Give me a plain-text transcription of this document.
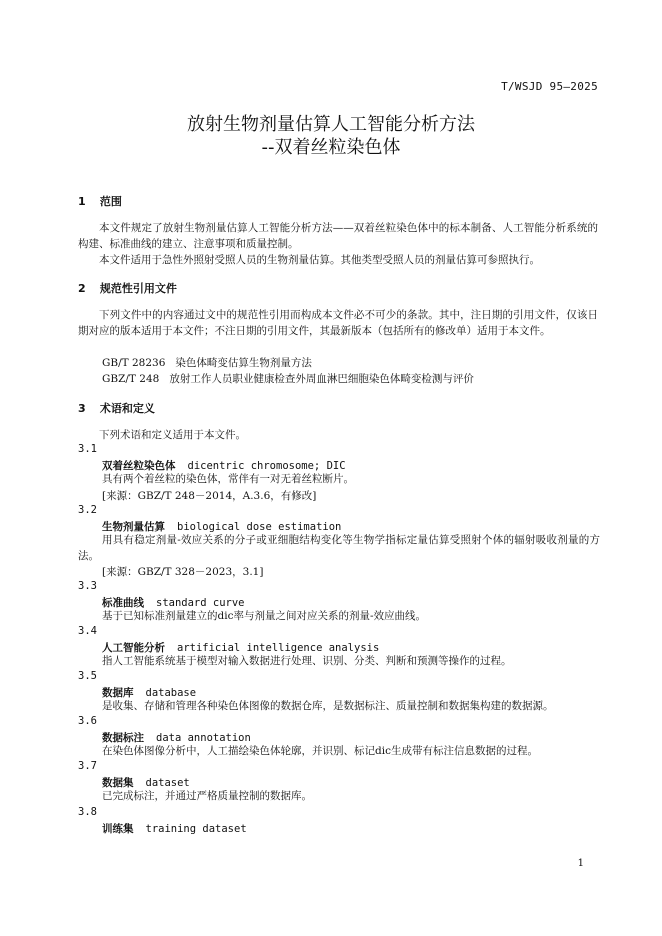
T/WSJD 95—2025
放射生物剂量估算人工智能分析方法
--双着丝粒染色体
1 范围
本文件规定了放射生物剂量估算人工智能分析方法——双着丝粒染色体中的标本制备、人工智能分析系统的构建、标准曲线的建立、注意事项和质量控制。
本文件适用于急性外照射受照人员的生物剂量估算。其他类型受照人员的剂量估算可参照执行。
2 规范性引用文件
下列文件中的内容通过文中的规范性引用而构成本文件必不可少的条款。其中，注日期的引用文件，仅该日期对应的版本适用于本文件；不注日期的引用文件，其最新版本（包括所有的修改单）适用于本文件。
GB/T 28236 染色体畸变估算生物剂量方法
GBZ/T 248 放射工作人员职业健康检查外周血淋巴细胞染色体畸变检测与评价
3 术语和定义
下列术语和定义适用于本文件。
3.1
双着丝粒染色体 dicentric chromosome; DIC
具有两个着丝粒的染色体，常伴有一对无着丝粒断片。
[来源：GBZ/T 248－2014，A.3.6，有修改]
3.2
生物剂量估算 biological dose estimation
用具有稳定剂量-效应关系的分子或亚细胞结构变化等生物学指标定量估算受照射个体的辐射吸收剂量的方法。
[来源：GBZ/T 328－2023，3.1]
3.3
标准曲线 standard curve
基于已知标准剂量建立的dic率与剂量之间对应关系的剂量-效应曲线。
3.4
人工智能分析 artificial intelligence analysis
指人工智能系统基于模型对输入数据进行处理、识别、分类、判断和预测等操作的过程。
3.5
数据库 database
是收集、存储和管理各种染色体图像的数据仓库，是数据标注、质量控制和数据集构建的数据源。
3.6
数据标注 data annotation
在染色体图像分析中，人工描绘染色体轮廓，并识别、标记dic生成带有标注信息数据的过程。
3.7
数据集 dataset
已完成标注，并通过严格质量控制的数据库。
3.8
训练集 training dataset
1
